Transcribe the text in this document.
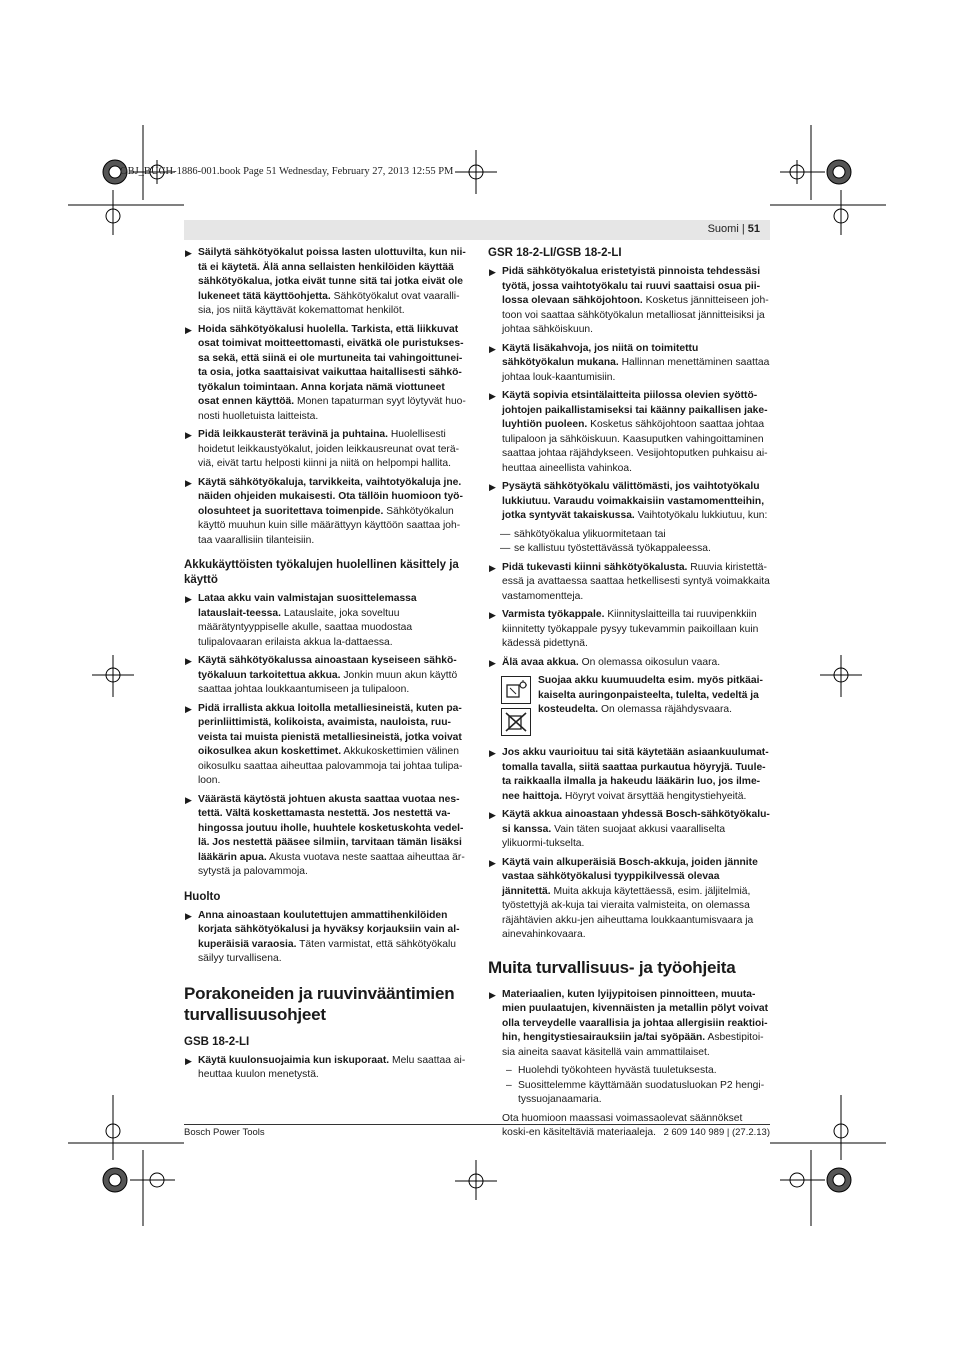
OBJ_BUCH-1886-001.book Page 51 Wednesday, February 27, 2013 12:55 PM
Suomi | 51
▶ Säilytä sähkötyökalut poissa lasten ulottuvilta, kun nii-tä ei käytetä. Älä anna sellaisten henkilöiden käyttää sähkötyökalua, jotka eivät tunne sitä tai jotka eivät ole lukeneet tätä käyttöohjetta. Sähkötyökalut ovat vaaralli-sia, jos niitä käyttävät kokemattomat henkilöt.
▶ Hoida sähkötyökalusi huolella. Tarkista, että liikkuvat osat toimivat moitteettomasti, eivätkä ole puristukses-sa sekä, että siinä ei ole murtuneita tai vahingoittunei-ta osia, jotka saattaisivat vaikuttaa haitallisesti sähkö-työkalun toimintaan. Anna korjata nämä viottuneet osat ennen käyttöä. Monen tapaturman syyt löytyvät huo-nosti huolletuista laitteista.
▶ Pidä leikkausterät terävinä ja puhtaina. Huolellisesti hoidetut leikkaustyökalut, joiden leikkausreunat ovat terä-viä, eivät tartu helposti kiinni ja niitä on helpompi hallita.
▶ Käytä sähkötyökaluja, tarvikkeita, vaihtotyökaluja jne. näiden ohjeiden mukaisesti. Ota tällöin huomioon työ-olosuhteet ja suoritettava toimenpide. Sähkötyökalun käyttö muuhun kuin sille määrättyyn käyttöön saattaa joh-taa vaarallisiin tilanteisiin.
Akkukäyttöisten työkalujen huolellinen käsittely ja käyttö
▶ Lataa akku vain valmistajan suosittelemassa latauslait-teessa. Latauslaite, joka soveltuu määrätyntyyppiselle akulle, saattaa muodostaa tulipalovaaran erilaista akkua la-dattaessa.
▶ Käytä sähkötyökalussa ainoastaan kyseiseen sähkö-työkaluun tarkoitettua akkua. Jonkin muun akun käyttö saattaa johtaa loukkaantumiseen ja tulipaloon.
▶ Pidä irrallista akkua loitolla metalliesineistä, kuten pa-perinliittimistä, kolikoista, avaimista, nauloista, ruu-veista tai muista pienistä metalliesineistä, jotka voivat oikosulkea akun koskettimet. Akkukoskettimien välinen oikosulku saattaa aiheuttaa palovammoja tai johtaa tulipa-loon.
▶ Väärästä käytöstä johtuen akusta saattaa vuotaa nes-tettä. Vältä koskettamasta nestettä. Jos nestettä va-hingossa joutuu iholle, huuhtele kosketuskohta vedel-lä. Jos nestettä pääsee silmiin, tarvitaan tämän lisäksi lääkärin apua. Akusta vuotava neste saattaa aiheuttaa är-sytystä ja palovammoja.
Huolto
▶ Anna ainoastaan koulutettujen ammattihenkilöiden korjata sähkötyökalusi ja hyväksy korjauksiin vain al-kuperäisiä varaosia. Täten varmistat, että sähkötyökalu säilyy turvallisena.
Porakoneiden ja ruuvinvääntimien turvallisuusohjeet
GSB 18-2-LI
▶ Käytä kuulonsuojaimia kun iskuporaat. Melu saattaa ai-heuttaa kuulon menetystä.
GSR 18-2-LI/GSB 18-2-LI
▶ Pidä sähkötyökalua eristetyistä pinnoista tehdessäsi työtä, jossa vaihtotyökalu tai ruuvi saattaisi osua pii-lossa olevaan sähköjohtoon. Kosketus jännitteiseen joh-toon voi saattaa sähkötyökalun metalliosat jännitteisiksi ja johtaa sähköiskuun.
▶ Käytä lisäkahvoja, jos niitä on toimitettu sähkötyökalun mukana. Hallinnan menettäminen saattaa johtaa louk-kaantumisiin.
▶ Käytä sopivia etsintälaitteita piilossa olevien syöttö-johtojen paikallistamiseksi tai käänny paikallisen jake-luyhtiön puoleen. Kosketus sähköjohtoon saattaa johtaa tulipaloon ja sähköiskuun. Kaasuputken vahingoittaminen saattaa johtaa räjähdykseen. Vesijohtoputken puhkaisu ai-heuttaa aineellista vahinkoa.
▶ Pysäytä sähkötyökalu välittömästi, jos vaihtotyökalu lukkiutuu. Varaudu voimakkaisiin vastamomentteihin, jotka syntyvät takaiskussa. Vaihtotyökalu lukkiutuu, kun:
— sähkötyökalua ylikuormitetaan tai
— se kallistuu työstettävässä työkappaleessa.
▶ Pidä tukevasti kiinni sähkötyökalusta. Ruuvia kiristettä-essä ja avattaessa saattaa hetkellisesti syntyä voimakkaita vastamomentteja.
▶ Varmista työkappale. Kiinnityslaitteilla tai ruuvipenkkiin kiinnitetty työkappale pysyy tukevammin paikoillaan kuin kädessä pidettynä.
▶ Älä avaa akkua. On olemassa oikosulun vaara.
Suojaa akku kuumuudelta esim. myös pitkäai-kaiselta auringonpaisteelta, tulelta, vedeltä ja kosteudelta. On olemassa räjähdysvaara.
▶ Jos akku vaurioituu tai sitä käytetään asiaankuulumat-tomalla tavalla, siitä saattaa purkautua höyryjä. Tuule-ta raikkaalla ilmalla ja hakeudu lääkärin luo, jos ilme-nee haittoja. Höyryt voivat ärsyttää hengitystiehyeitä.
▶ Käytä akkua ainoastaan yhdessä Bosch-sähkötyökalu-si kanssa. Vain täten suojaat akkusi vaaralliselta ylikuormi-tukselta.
▶ Käytä vain alkuperäisiä Bosch-akkuja, joiden jännite vastaa sähkötyökalusi tyyppikilvessä olevaa jännitettä. Muita akkuja käytettäessä, esim. jäljitelmiä, työstettyjä ak-kuja tai vieraita valmisteita, on olemassa räjähtävien akku-jen aiheuttama loukkaantumisvaara ja ainevahinkovaara.
Muita turvallisuus- ja työohjeita
▶ Materiaalien, kuten lyijypitoisen pinnoitteen, muuta-mien puulaatujen, kivennäisten ja metallin pölyt voivat olla terveydelle vaarallisia ja johtaa allergisiin reaktioi-hin, hengitystiesairauksiin ja/tai syöpään. Asbestipitoi-sia aineita saavat käsitellä vain ammattilaiset.
– Huolehdi työkohteen hyvästä tuuletuksesta.
– Suosittelemme käyttämään suodatusluokan P2 hengi-tyssuojanaamaria.

Ota huomioon maassasi voimassaolevat säännökset koski-en käsiteltäviä materiaaleja.

Bosch Power Tools	2 609 140 989 | (27.2.13)
